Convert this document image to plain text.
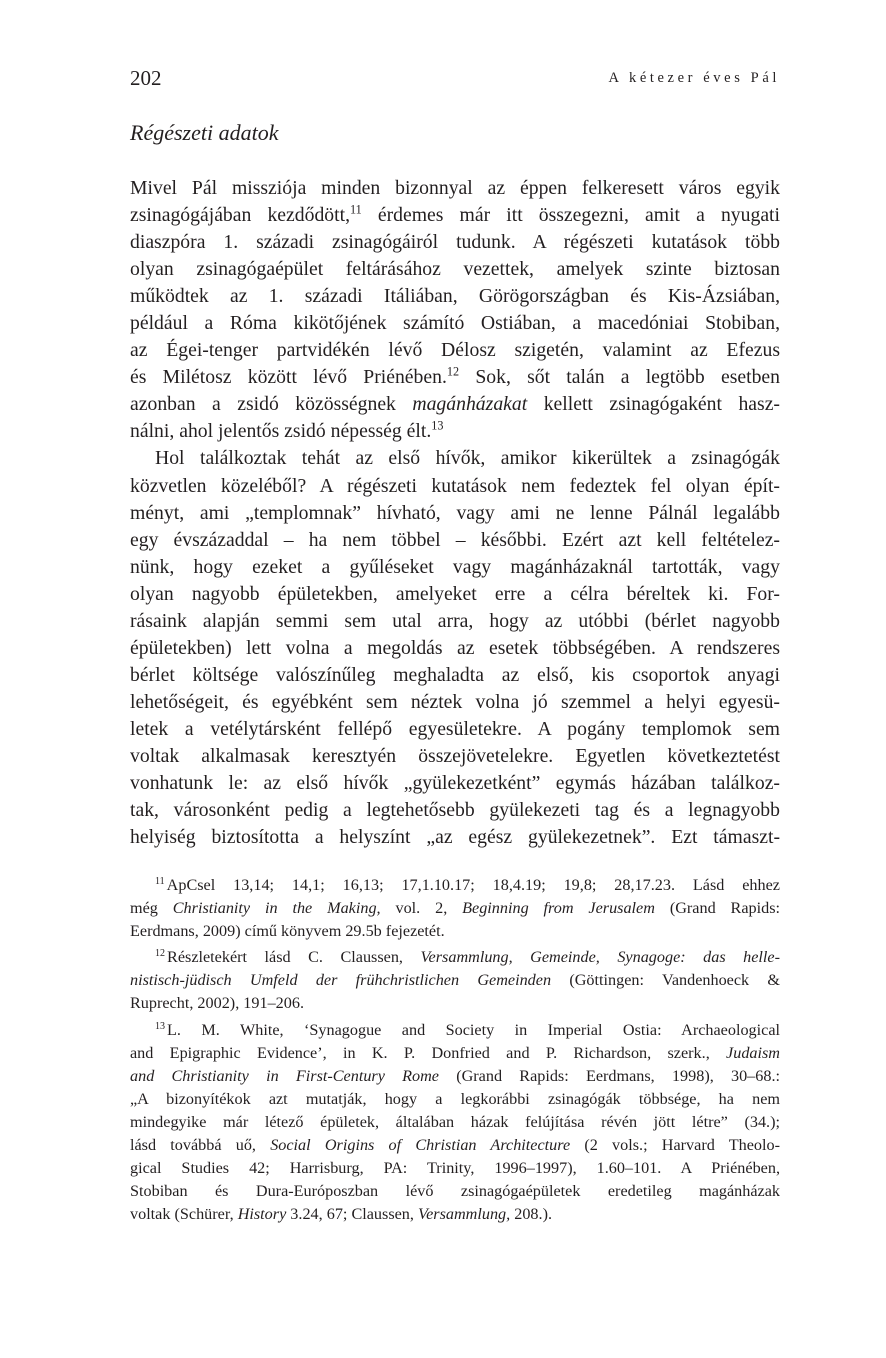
202	A kétezer éves Pál
Régészeti adatok

Mivel Pál missziója minden bizonnyal az éppen felkeresett város egyik

zsinagógájában kezdődött,$^{11}$ érdemes már itt összegezni, amit a nyugati

diaszpóra 1. századi zsinagógáiról tudunk. A régészeti kutatások több

olyan zsinagógaépület feltárásához vezettek, amelyek szinte biztosan

működtek az 1. századi Itáliában, Görögországban és Kis-Ázsiában,

például a Róma kikötőjének számító Ostiában, a macedóniai Stobiban,

az Égei-tenger partvidékén lévő Délosz szigetén, valamint az Efezus

és Milétosz között lévő Priénében.$^{12}$ Sok, sőt talán a legtöbb esetben

azonban a zsidó közösségnek magánházakat kellett zsinagógaként hasz-

nálni, ahol jelentős zsidó népesség élt.$^{13}$

Hol találkoztak tehát az első hívők, amikor kikerültek a zsinagógák

közvetlen közeléből? A régészeti kutatások nem fedeztek fel olyan épít-

ményt, ami „templomnak” hívható, vagy ami ne lenne Pálnál legalább

egy évszázaddal – ha nem többel – későbbi. Ezért azt kell feltételez-

nünk, hogy ezeket a gyűléseket vagy magánházaknál tartották, vagy

olyan nagyobb épületekben, amelyeket erre a célra béreltek ki. For-

rásaink alapján semmi sem utal arra, hogy az utóbbi (bérlet nagyobb

épületekben) lett volna a megoldás az esetek többségében. A rendszeres

bérlet költsége valószínűleg meghaladta az első, kis csoportok anyagi

lehetőségeit, és egyébként sem néztek volna jó szemmel a helyi egyesü-

letek a vetélytársként fellépő egyesületekre. A pogány templomok sem

voltak alkalmasak keresztyén összejövetelekre. Egyetlen következtetést

vonhatunk le: az első hívők „gyülekezetként” egymás házában találkoz-

tak, városonként pedig a legtehetősebb gyülekezeti tag és a legnagyobb

helyiség biztosította a helyszínt „az egész gyülekezetnek”. Ezt támaszt-

$^{11}$ ApCsel 13,14; 14,1; 16,13; 17,1.10.17; 18,4.19; 19,8; 28,17.23. Lásd ehhez

még Christianity in the Making, vol. 2, Beginning from Jerusalem (Grand Rapids:

Eerdmans, 2009) című könyvem 29.5b fejezetét.

$^{12}$ Részletekért lásd C. Claussen, Versammlung, Gemeinde, Synagoge: das helle-

nistisch-jüdisch Umfeld der frühchristlichen Gemeinden (Göttingen: Vandenhoeck &

Ruprecht, 2002), 191–206.

$^{13}$ L. M. White, ‘Synagogue and Society in Imperial Ostia: Archaeological

and Epigraphic Evidence’, in K. P. Donfried and P. Richardson, szerk., Judaism

and Christianity in First-Century Rome (Grand Rapids: Eerdmans, 1998), 30–68.:

„A bizonyítékok azt mutatják, hogy a legkorábbi zsinagógák többsége, ha nem

mindegyike már létező épületek, általában házak felújítása révén jött létre” (34.);

lásd továbbá uő, Social Origins of Christian Architecture (2 vols.; Harvard Theolo-

gical Studies 42; Harrisburg, PA: Trinity, 1996–1997), 1.60–101. A Priénében,

Stobiban és Dura-Európoszban lévő zsinagógaépületek eredetileg magánházak

voltak (Schürer, History 3.24, 67; Claussen, Versammlung, 208.).
